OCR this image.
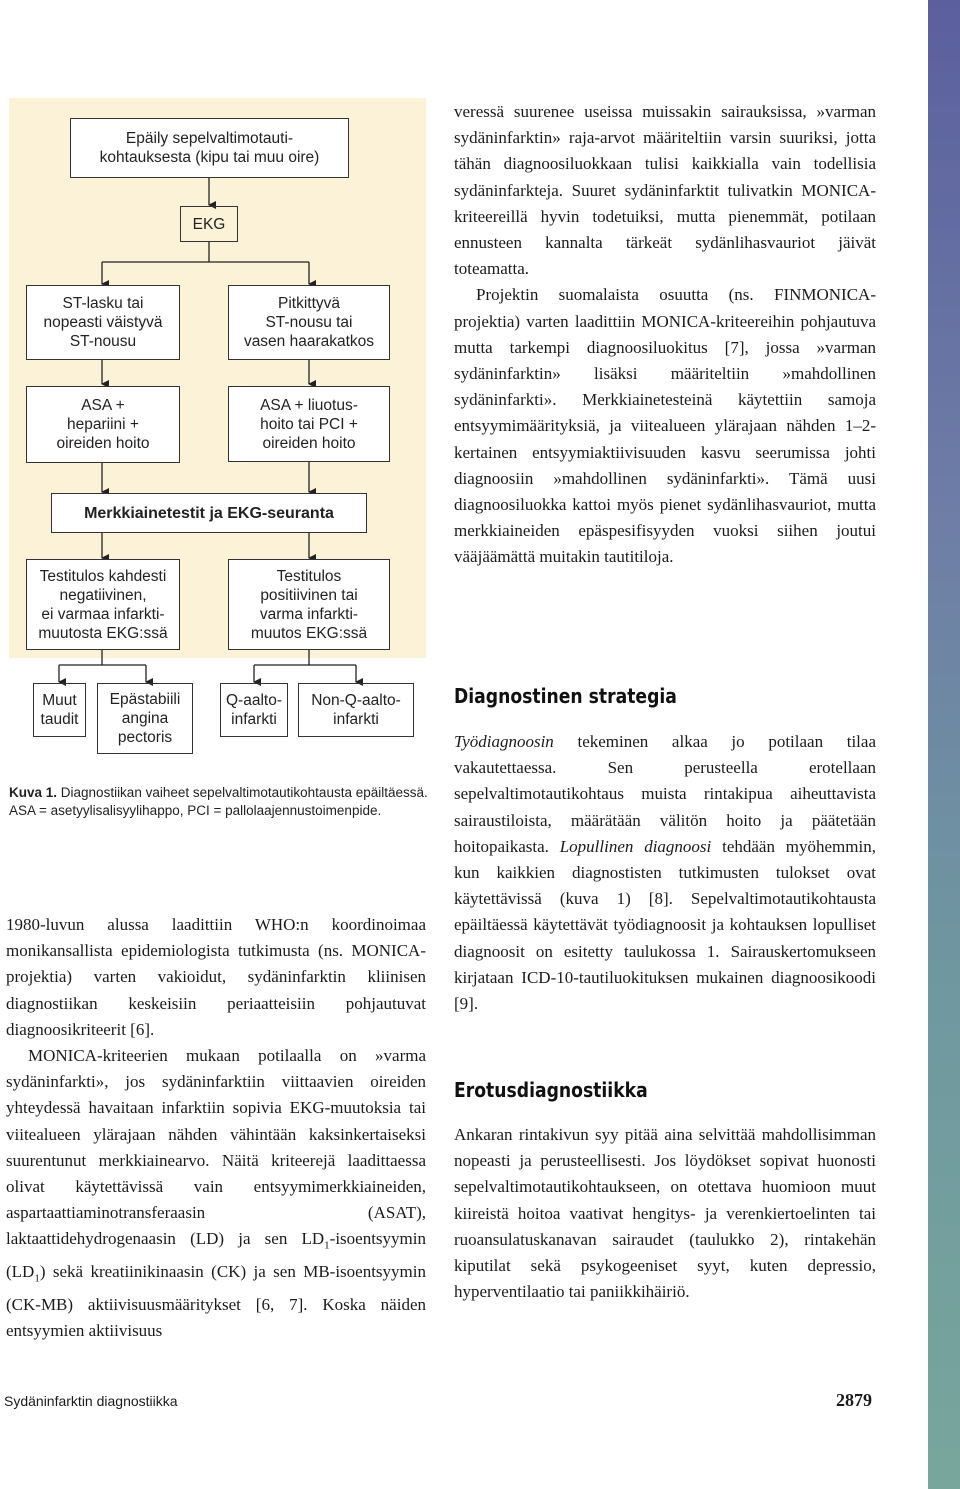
Epäily sepelvaltimotauti-
kohtauksesta (kipu tai muu oire)
EKG
ST-lasku tai
nopeasti väistyvä
ST-nousu
Pitkittyvä
ST-nousu tai
vasen haarakatkos
ASA +
hepariini +
oireiden hoito
ASA + liuotus-
hoito tai PCI +
oireiden hoito
Merkkiainetestit ja EKG-seuranta
Testitulos kahdesti
negatiivinen,
ei varmaa infarkti-
muutosta EKG:ssä
Testitulos
positiivinen tai
varma infarkti-
muutos EKG:ssä
Muut
taudit
Epästabiili
angina
pectoris
Q-aalto-
infarkti
Non-Q-aalto-
infarkti
Kuva 1. Diagnostiikan vaiheet sepelvaltimotautikohtausta epäiltäessä. ASA = asetyylisalisyylihappo, PCI = pallolaajennustoimenpide.

1980-luvun alussa laadittiin WHO:n koordinoimaa monikansallista epidemiologista tutkimusta (ns. MONICA-projektia) varten vakioidut, sydäninfarktin kliinisen diagnostiikan keskeisiin periaatteisiin pohjautuvat diagnoosikriteerit [6].

MONICA-kriteerien mukaan potilaalla on »varma sydäninfarkti», jos sydäninfarktiin viittaavien oireiden yhteydessä havaitaan infarktiin sopivia EKG-muutoksia tai viitealueen ylärajaan nähden vähintään kaksinkertaiseksi suurentunut merkkiainearvo. Näitä kriteerejä laadittaessa olivat käytettävissä vain entsyymimerkkiaineiden, aspartaattiaminotransferaasin (ASAT), laktaattidehydrogenaasin (LD) ja sen $LD_1$-isoentsyymin $(LD_1)$ sekä kreatiinikinaasin (CK) ja sen MB-isoentsyymin (CK-MB) aktiivisuusmääritykset [6, 7]. Koska näiden entsyymien aktiivisuus

veressä suurenee useissa muissakin sairauksissa, »varman sydäninfarktin» raja-arvot määriteltiin varsin suuriksi, jotta tähän diagnoosiluokkaan tulisi kaikkialla vain todellisia sydäninfarkteja. Suuret sydäninfarktit tulivatkin MONICA-kriteereillä hyvin todetuiksi, mutta pienemmät, potilaan ennusteen kannalta tärkeät sydänlihasvauriot jäivät toteamatta.

Projektin suomalaista osuutta (ns. FINMONICA-projektia) varten laadittiin MONICA-kriteereihin pohjautuva mutta tarkempi diagnoosiluokitus [7], jossa »varman sydäninfarktin» lisäksi määriteltiin »mahdollinen sydäninfarkti». Merkkiainetesteinä käytettiin samoja entsyymimäärityksiä, ja viitealueen ylärajaan nähden 1–2-kertainen entsyymiaktiivisuuden kasvu seerumissa johti diagnoosiin »mahdollinen sydäninfarkti». Tämä uusi diagnoosiluokka kattoi myös pienet sydänlihasvauriot, mutta merkkiaineiden epäspesifisyyden vuoksi siihen joutui vääjäämättä muitakin tautitiloja.

Diagnostinen strategia

Työdiagnoosin tekeminen alkaa jo potilaan tilaa vakautettaessa. Sen perusteella erotellaan sepelvaltimotautikohtaus muista rintakipua aiheuttavista sairaustiloista, määrätään välitön hoito ja päätetään hoitopaikasta. Lopullinen diagnoosi tehdään myöhemmin, kun kaikkien diagnostisten tutkimusten tulokset ovat käytettävissä (kuva 1) [8]. Sepelvaltimotautikohtausta epäiltäessä käytettävät työdiagnoosit ja kohtauksen lopulliset diagnoosit on esitetty taulukossa 1. Sairauskertomukseen kirjataan ICD-10-tautiluokituksen mukainen diagnoosikoodi [9].

Erotusdiagnostiikka

Ankaran rintakivun syy pitää aina selvittää mahdollisimman nopeasti ja perusteellisesti. Jos löydökset sopivat huonosti sepelvaltimotautikohtaukseen, on otettava huomioon muut kiireistä hoitoa vaativat hengitys- ja verenkiertoelinten tai ruoansulatuskanavan sairaudet (taulukko 2), rintakehän kiputilat sekä psykogeeniset syyt, kuten depressio, hyperventilaatio tai paniikkihäiriö.

Sydäninfarktin diagnostiikka	2879
